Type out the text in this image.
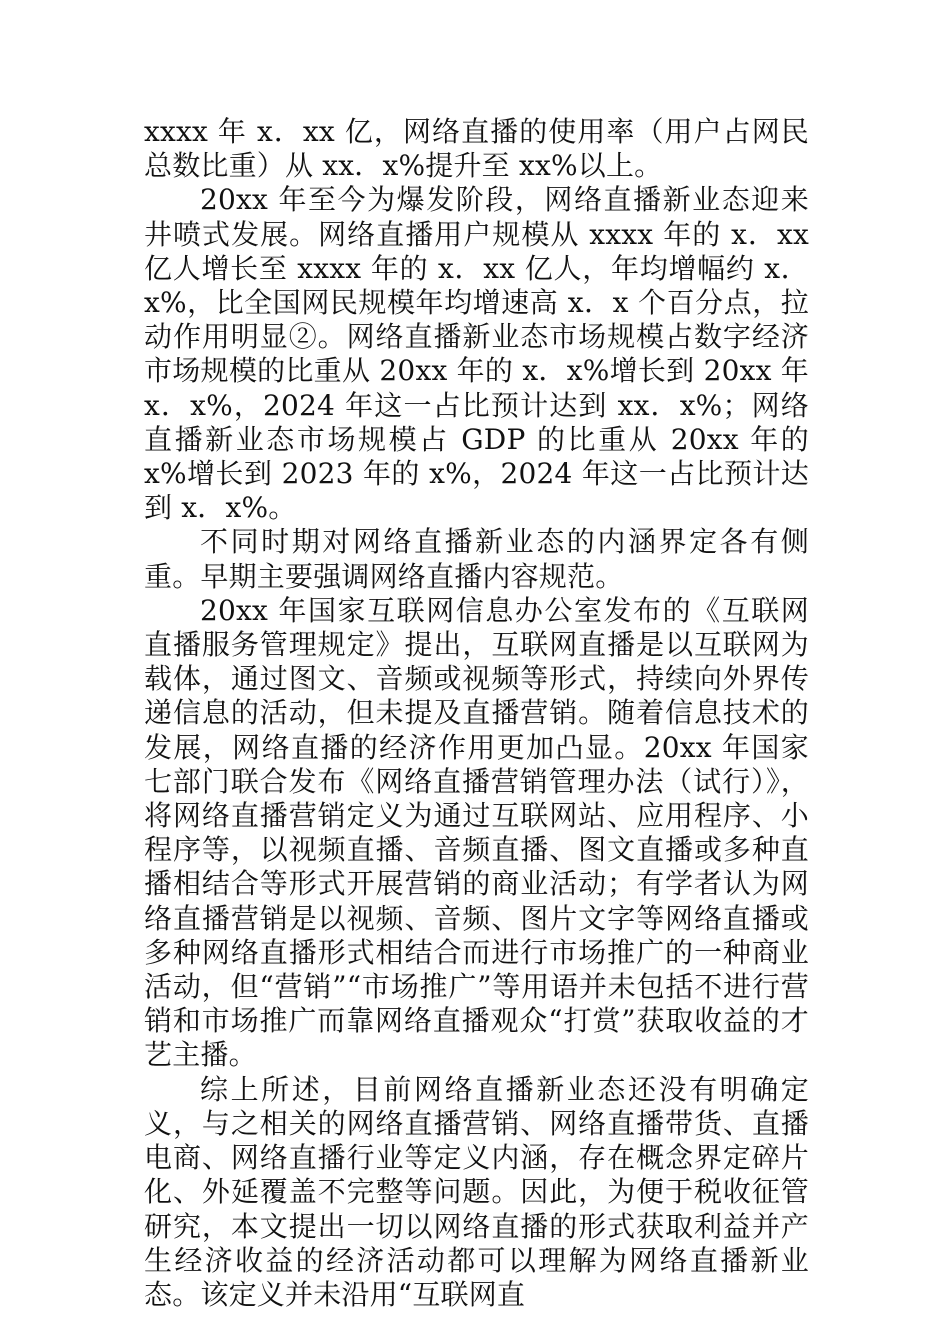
xxxx 年 x．xx 亿，网络直播的使用率（用户占网民总数比重）从 xx．x%提升至 xx%以上。

20xx 年至今为爆发阶段，网络直播新业态迎来井喷式发展。网络直播用户规模从 xxxx 年的 x．xx 亿人增长至 xxxx 年的 x．xx 亿人，年均增幅约 x．x%，比全国网民规模年均增速高 x．x 个百分点，拉动作用明显②。网络直播新业态市场规模占数字经济市场规模的比重从 20xx 年的 x．x%增长到 20xx 年 x．x%，2024 年这一占比预计达到 xx．x%；网络直播新业态市场规模占 GDP 的比重从 20xx 年的 x%增长到 2023 年的 x%，2024 年这一占比预计达到 x．x%。

不同时期对网络直播新业态的内涵界定各有侧重。早期主要强调网络直播内容规范。

20xx 年国家互联网信息办公室发布的《互联网直播服务管理规定》提出，互联网直播是以互联网为载体，通过图文、音频或视频等形式，持续向外界传递信息的活动，但未提及直播营销。随着信息技术的发展，网络直播的经济作用更加凸显。20xx 年国家七部门联合发布《网络直播营销管理办法（试行）》，将网络直播营销定义为通过互联网站、应用程序、小程序等，以视频直播、音频直播、图文直播或多种直播相结合等形式开展营销的商业活动；有学者认为网络直播营销是以视频、音频、图片文字等网络直播或多种网络直播形式相结合而进行市场推广的一种商业活动，但“营销”“市场推广”等用语并未包括不进行营销和市场推广而靠网络直播观众“打赏”获取收益的才艺主播。

综上所述，目前网络直播新业态还没有明确定义，与之相关的网络直播营销、网络直播带货、直播电商、网络直播行业等定义内涵，存在概念界定碎片化、外延覆盖不完整等问题。因此，为便于税收征管研究，本文提出一切以网络直播的形式获取利益并产生经济收益的经济活动都可以理解为网络直播新业态。该定义并未沿用“互联网直
